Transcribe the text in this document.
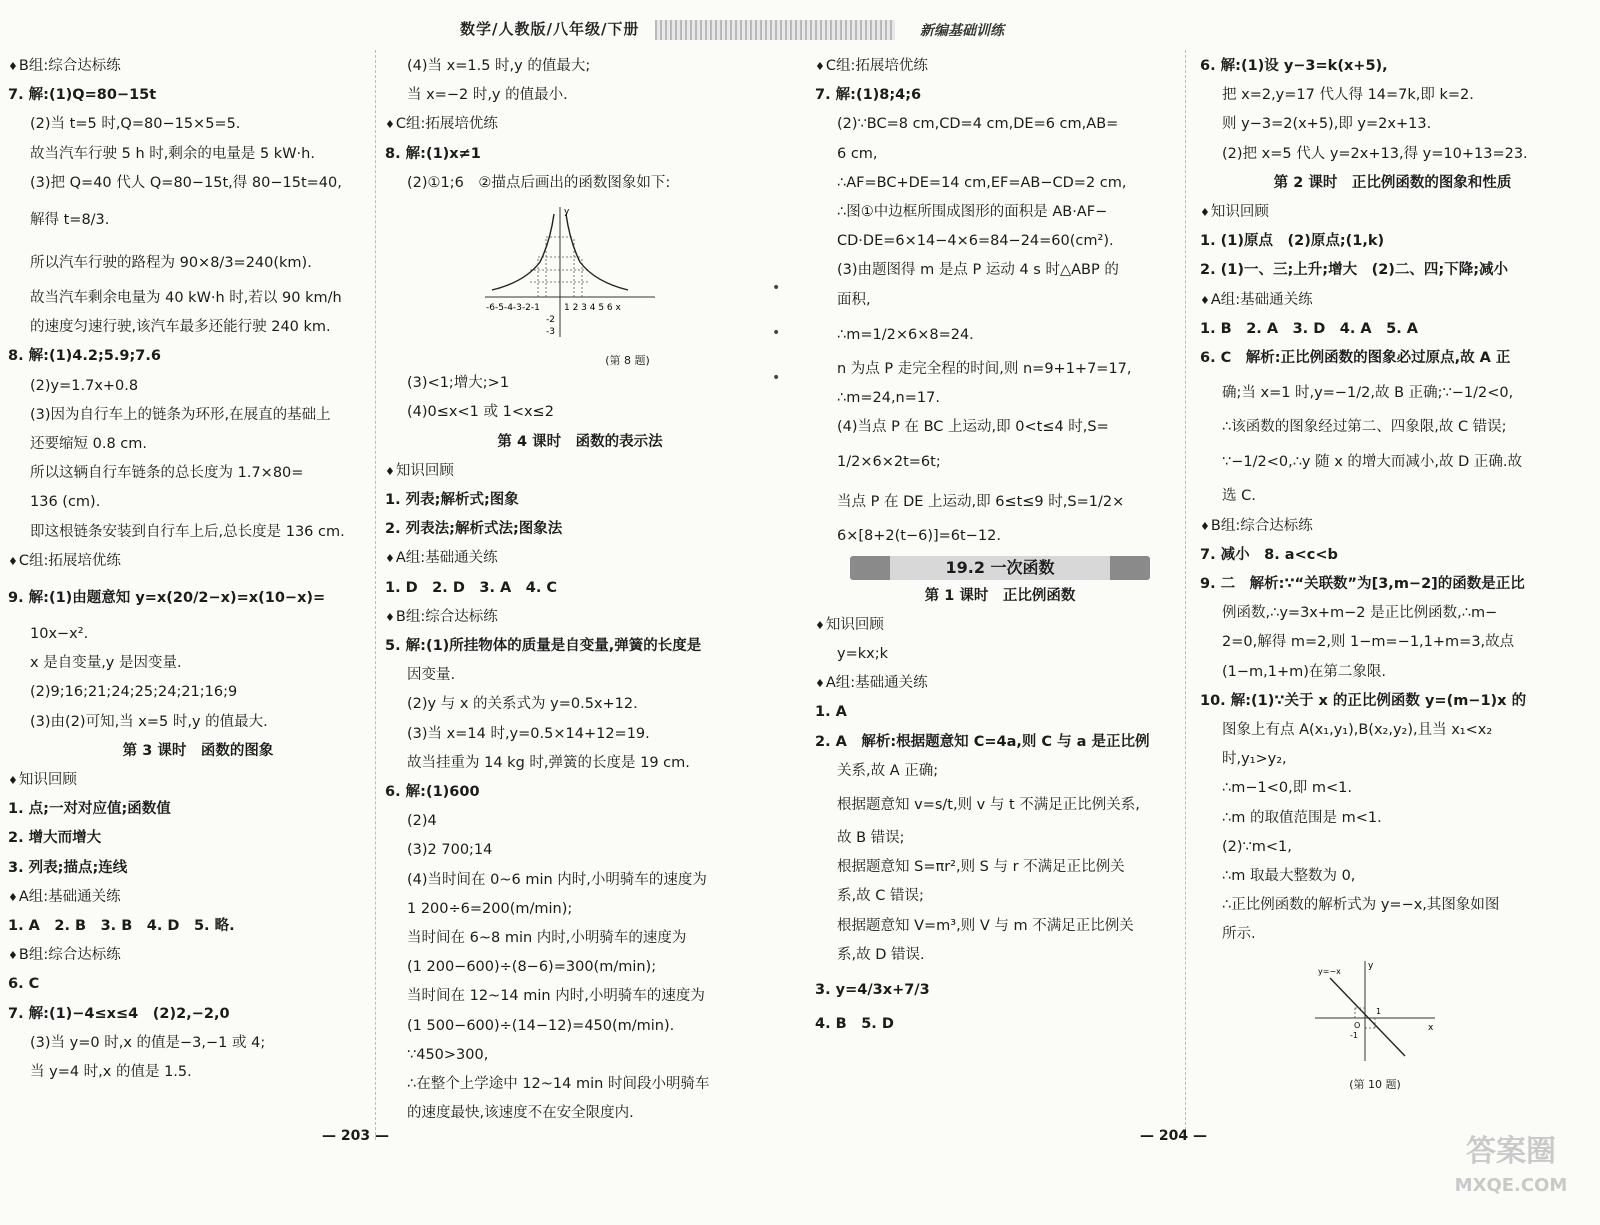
数学/人教版/八年级/下册	新编基础训练

♦ B组:综合达标练

7. 解:(1)Q=80−15t

(2)当 t=5 时,Q=80−15×5=5.

故当汽车行驶 5 h 时,剩余的电量是 5 kW·h.

(3)把 Q=40 代人 Q=80−15t,得 80−15t=40,

解得 t=8/3.

所以汽车行驶的路程为 90×8/3=240(km).

故当汽车剩余电量为 40 kW·h 时,若以 90 km/h

的速度匀速行驶,该汽车最多还能行驶 240 km.

8. 解:(1)4.2;5.9;7.6

(2)y=1.7x+0.8

(3)因为自行车上的链条为环形,在展直的基础上

还要缩短 0.8 cm.

所以这辆自行车链条的总长度为 1.7×80=

136 (cm).

即这根链条安装到自行车上后,总长度是 136 cm.

♦ C组:拓展培优练

9. 解:(1)由题意知 y=x(20/2−x)=x(10−x)=

10x−x².

x 是自变量,y 是因变量.

(2)9;16;21;24;25;24;21;16;9

(3)由(2)可知,当 x=5 时,y 的值最大.

第 3 课时　函数的图象

♦ 知识回顾

1. 点;一对对应值;函数值

2. 增大而增大

3. 列表;描点;连线

♦ A组:基础通关练

1. A　2. B　3. B　4. D　5. 略.

♦ B组:综合达标练

6. C

7. 解:(1)−4≤x≤4　(2)2,−2,0

(3)当 y=0 时,x 的值是−3,−1 或 4;

当 y=4 时,x 的值是 1.5.

(4)当 x=1.5 时,y 的值最大;

当 x=−2 时,y 的值最小.

♦ C组:拓展培优练

8. 解:(1)x≠1

(2)①1;6　②描点后画出的函数图象如下:

-6-5-4-3-2-1	1 2 3 4 5 6 x
y
-2
-3
(第 8 题)

(3)<1;增大;>1

(4)0≤x<1 或 1<x≤2

第 4 课时　函数的表示法

♦ 知识回顾

1. 列表;解析式;图象

2. 列表法;解析式法;图象法

♦ A组:基础通关练

1. D　2. D　3. A　4. C

♦ B组:综合达标练

5. 解:(1)所挂物体的质量是自变量,弹簧的长度是

因变量.

(2)y 与 x 的关系式为 y=0.5x+12.

(3)当 x=14 时,y=0.5×14+12=19.

故当挂重为 14 kg 时,弹簧的长度是 19 cm.

6. 解:(1)600

(2)4

(3)2 700;14

(4)当时间在 0~6 min 内时,小明骑车的速度为

1 200÷6=200(m/min);

当时间在 6~8 min 内时,小明骑车的速度为

(1 200−600)÷(8−6)=300(m/min);

当时间在 12~14 min 内时,小明骑车的速度为

(1 500−600)÷(14−12)=450(m/min).

∵450>300,

∴在整个上学途中 12~14 min 时间段小明骑车

的速度最快,该速度不在安全限度内.

♦ C组:拓展培优练

7. 解:(1)8;4;6

(2)∵BC=8 cm,CD=4 cm,DE=6 cm,AB=

6 cm,

∴AF=BC+DE=14 cm,EF=AB−CD=2 cm,

∴图①中边框所围成图形的面积是 AB·AF−

CD·DE=6×14−4×6=84−24=60(cm²).

(3)由题图得 m 是点 P 运动 4 s 时△ABP 的

面积,

∴m=1/2×6×8=24.

n 为点 P 走完全程的时间,则 n=9+1+7=17,

∴m=24,n=17.

(4)当点 P 在 BC 上运动,即 0<t≤4 时,S=

1/2×6×2t=6t;

当点 P 在 DE 上运动,即 6≤t≤9 时,S=1/2×

6×[8+2(t−6)]=6t−12.

19.2 一次函数

第 1 课时　正比例函数

♦ 知识回顾

y=kx;k

♦ A组:基础通关练

1. A

2. A　解析:根据题意知 C=4a,则 C 与 a 是正比例

关系,故 A 正确;

根据题意知 v=s/t,则 v 与 t 不满足正比例关系,

故 B 错误;

根据题意知 S=πr²,则 S 与 r 不满足正比例关

系,故 C 错误;

根据题意知 V=m³,则 V 与 m 不满足正比例关

系,故 D 错误.

3. y=4/3x+7/3

4. B　5. D

6. 解:(1)设 y−3=k(x+5),

把 x=2,y=17 代人得 14=7k,即 k=2.

则 y−3=2(x+5),即 y=2x+13.

(2)把 x=5 代人 y=2x+13,得 y=10+13=23.

第 2 课时　正比例函数的图象和性质

♦ 知识回顾

1. (1)原点　(2)原点;(1,k)

2. (1)一、三;上升;增大　(2)二、四;下降;减小

♦ A组:基础通关练

1. B　2. A　3. D　4. A　5. A

6. C　解析:正比例函数的图象必过原点,故 A 正

确;当 x=1 时,y=−1/2,故 B 正确;∵−1/2<0,

∴该函数的图象经过第二、四象限,故 C 错误;

∵−1/2<0,∴y 随 x 的增大而减小,故 D 正确.故

选 C.

♦ B组:综合达标练

7. 减小　8. a<c<b

9. 二　解析:∵“关联数”为[3,m−2]的函数是正比

例函数,∴y=3x+m−2 是正比例函数,∴m−

2=0,解得 m=2,则 1−m=−1,1+m=3,故点

(1−m,1+m)在第二象限.

10. 解:(1)∵关于 x 的正比例函数 y=(m−1)x 的

图象上有点 A(x₁,y₁),B(x₂,y₂),且当 x₁<x₂

时,y₁>y₂,

∴m−1<0,即 m<1.

∴m 的取值范围是 m<1.

(2)∵m<1,

∴m 取最大整数为 0,

∴正比例函数的解析式为 y=−x,其图象如图

所示.

y
x
y=−x
O
1
-1
(第 10 题)
•
•
•
— 203 —	— 204 —	答案圈
MXQE.COM
